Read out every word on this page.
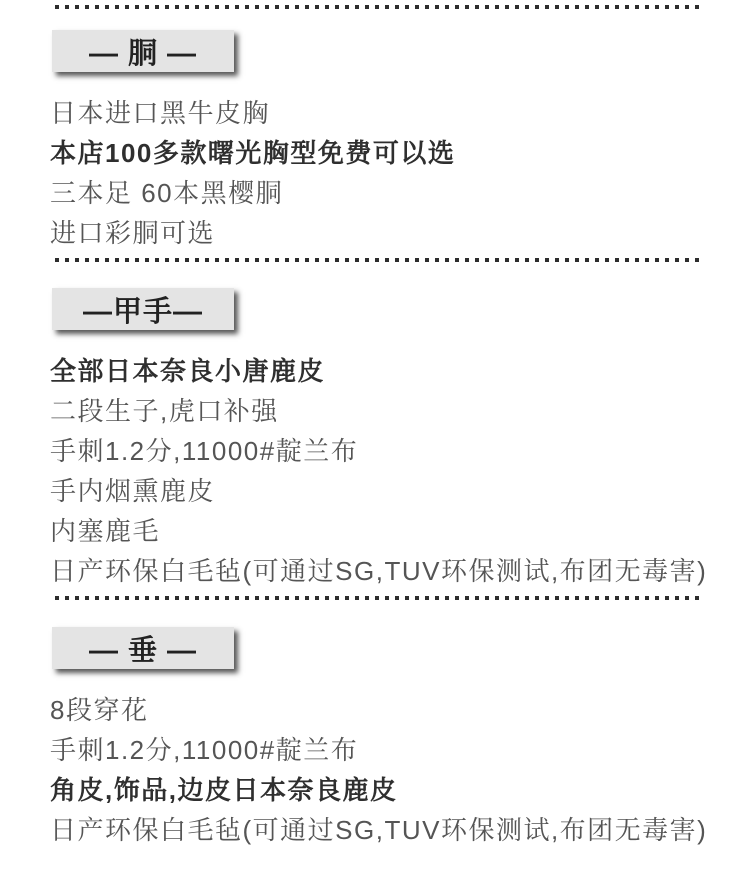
— 胴 —
日本进口黑牛皮胸
本店100多款曙光胸型免费可以选
三本足 60本黑樱胴
进口彩胴可选
—甲手—
全部日本奈良小唐鹿皮
二段生子,虎口补强
手刺1.2分,11000#靛兰布
手内烟熏鹿皮
内塞鹿毛
日产环保白毛毡(可通过SG,TUV环保测试,布团无毒害)
— 垂 —
8段穿花
手刺1.2分,11000#靛兰布
角皮,饰品,边皮日本奈良鹿皮
日产环保白毛毡(可通过SG,TUV环保测试,布团无毒害)
